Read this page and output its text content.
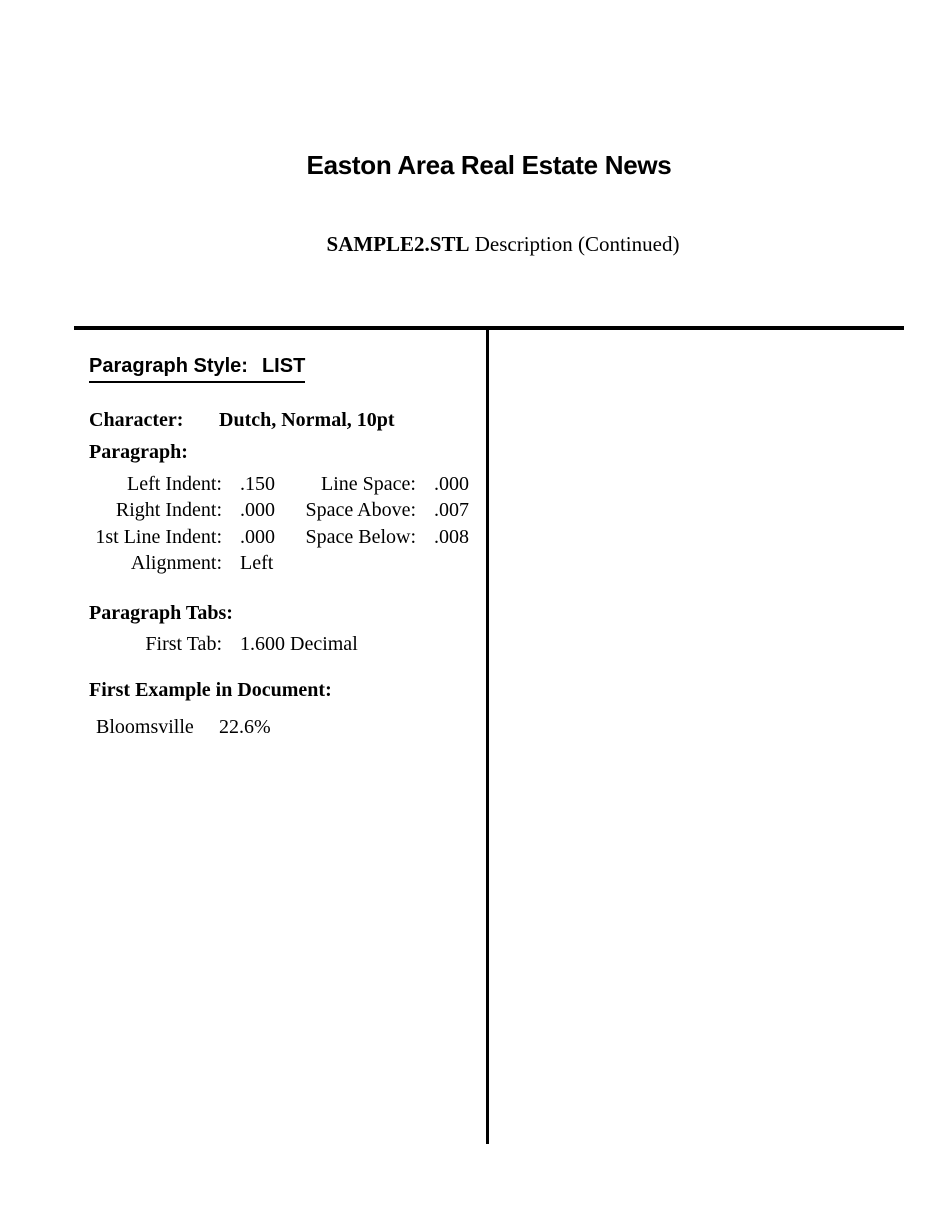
Easton Area Real Estate News
SAMPLE2.STL Description (Continued)
Paragraph Style: LIST
Character: Dutch, Normal, 10pt
Paragraph:
Left Indent: .150	Line Space: .000
Right Indent: .000	Space Above: .007
1st Line Indent: .000	Space Below: .008
Alignment: Left
Paragraph Tabs:
First Tab: 1.600 Decimal
First Example in Document:
Bloomsville 22.6%
